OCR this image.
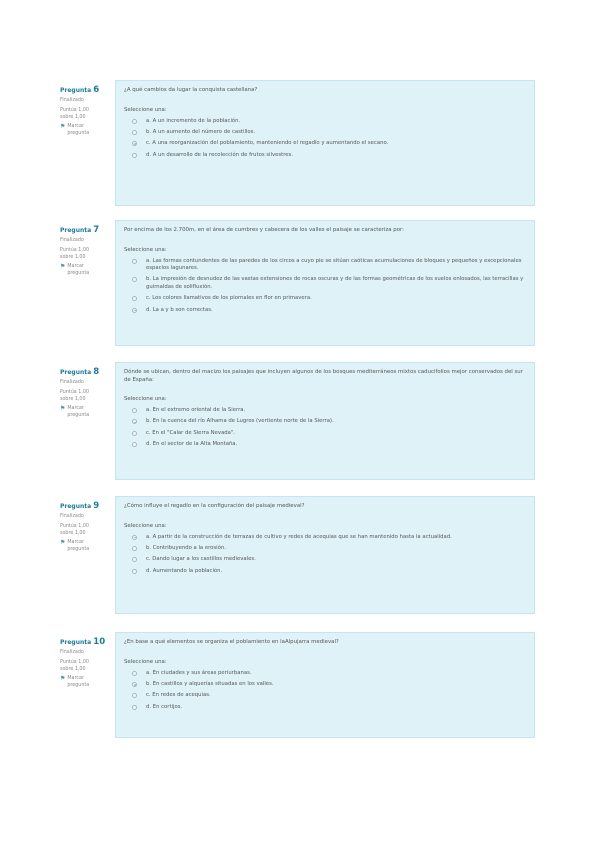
Pregunta 6
Finalizado
Puntúa 1,00
sobre 1,00
⚑ Marcar
pregunta
¿A qué cambios da lugar la conquista castellana?
Seleccione una:
a. A un incremento de la población.
b. A un aumento del número de castillos.
c. A una reorganización del poblamiento, manteniendo el regadío y aumentando el secano.
d. A un desarrollo de la recolección de frutos silvestres.
Pregunta 7
Finalizado
Puntúa 1,00
sobre 1,00
⚑ Marcar
pregunta
Por encima de los 2.700m, en el área de cumbres y cabecera de los valles el paisaje se caracteriza por:
Seleccione una:
a. Las formas contundentes de las paredes de los circos a cuyo pie se sitúan caóticas acumulaciones de bloques y pequeños y excepcionales espacios lagunares.
b. La impresión de desnudez de las vastas extensiones de rocas oscuras y de las formas geométricas de los suelos enlosados, las terracillas y guirnaldas de solifluxión.
c. Los colores llamativos de los piornales en flor en primavera.
d. La a y b son correctas.
Pregunta 8
Finalizado
Puntúa 1,00
sobre 1,00
⚑ Marcar
pregunta
Dónde se ubican, dentro del macizo los paisajes que incluyen algunos de los bosques mediterráneos mixtos caducifolios mejor conservados del sur de España:
Seleccione una:
a. En el extremo oriental de la Sierra.
b. En la cuenca del río Alhama de Lugros (vertiente norte de la Sierra).
c. En el "Calar de Sierra Nevada".
d. En el sector de la Alta Montaña.
Pregunta 9
Finalizado
Puntúa 1,00
sobre 1,00
⚑ Marcar
pregunta
¿Cómo influye el regadío en la configuración del paisaje medieval?
Seleccione una:
a. A partir de la construcción de terrazas de cultivo y redes de acequias que se han mantenido hasta la actualidad.
b. Contribuyendo a la erosión.
c. Dando lugar a los castillos medievales.
d. Aumentando la población.
Pregunta 10
Finalizado
Puntúa 1,00
sobre 1,00
⚑ Marcar
pregunta
¿En base a qué elementos se organiza el poblamiento en laAlpujarra medieval?
Seleccione una:
a. En ciudades y sus áreas periurbanas.
b. En castillos y alquerías situadas en los valles.
c. En redes de acequias.
d. En cortijos.
